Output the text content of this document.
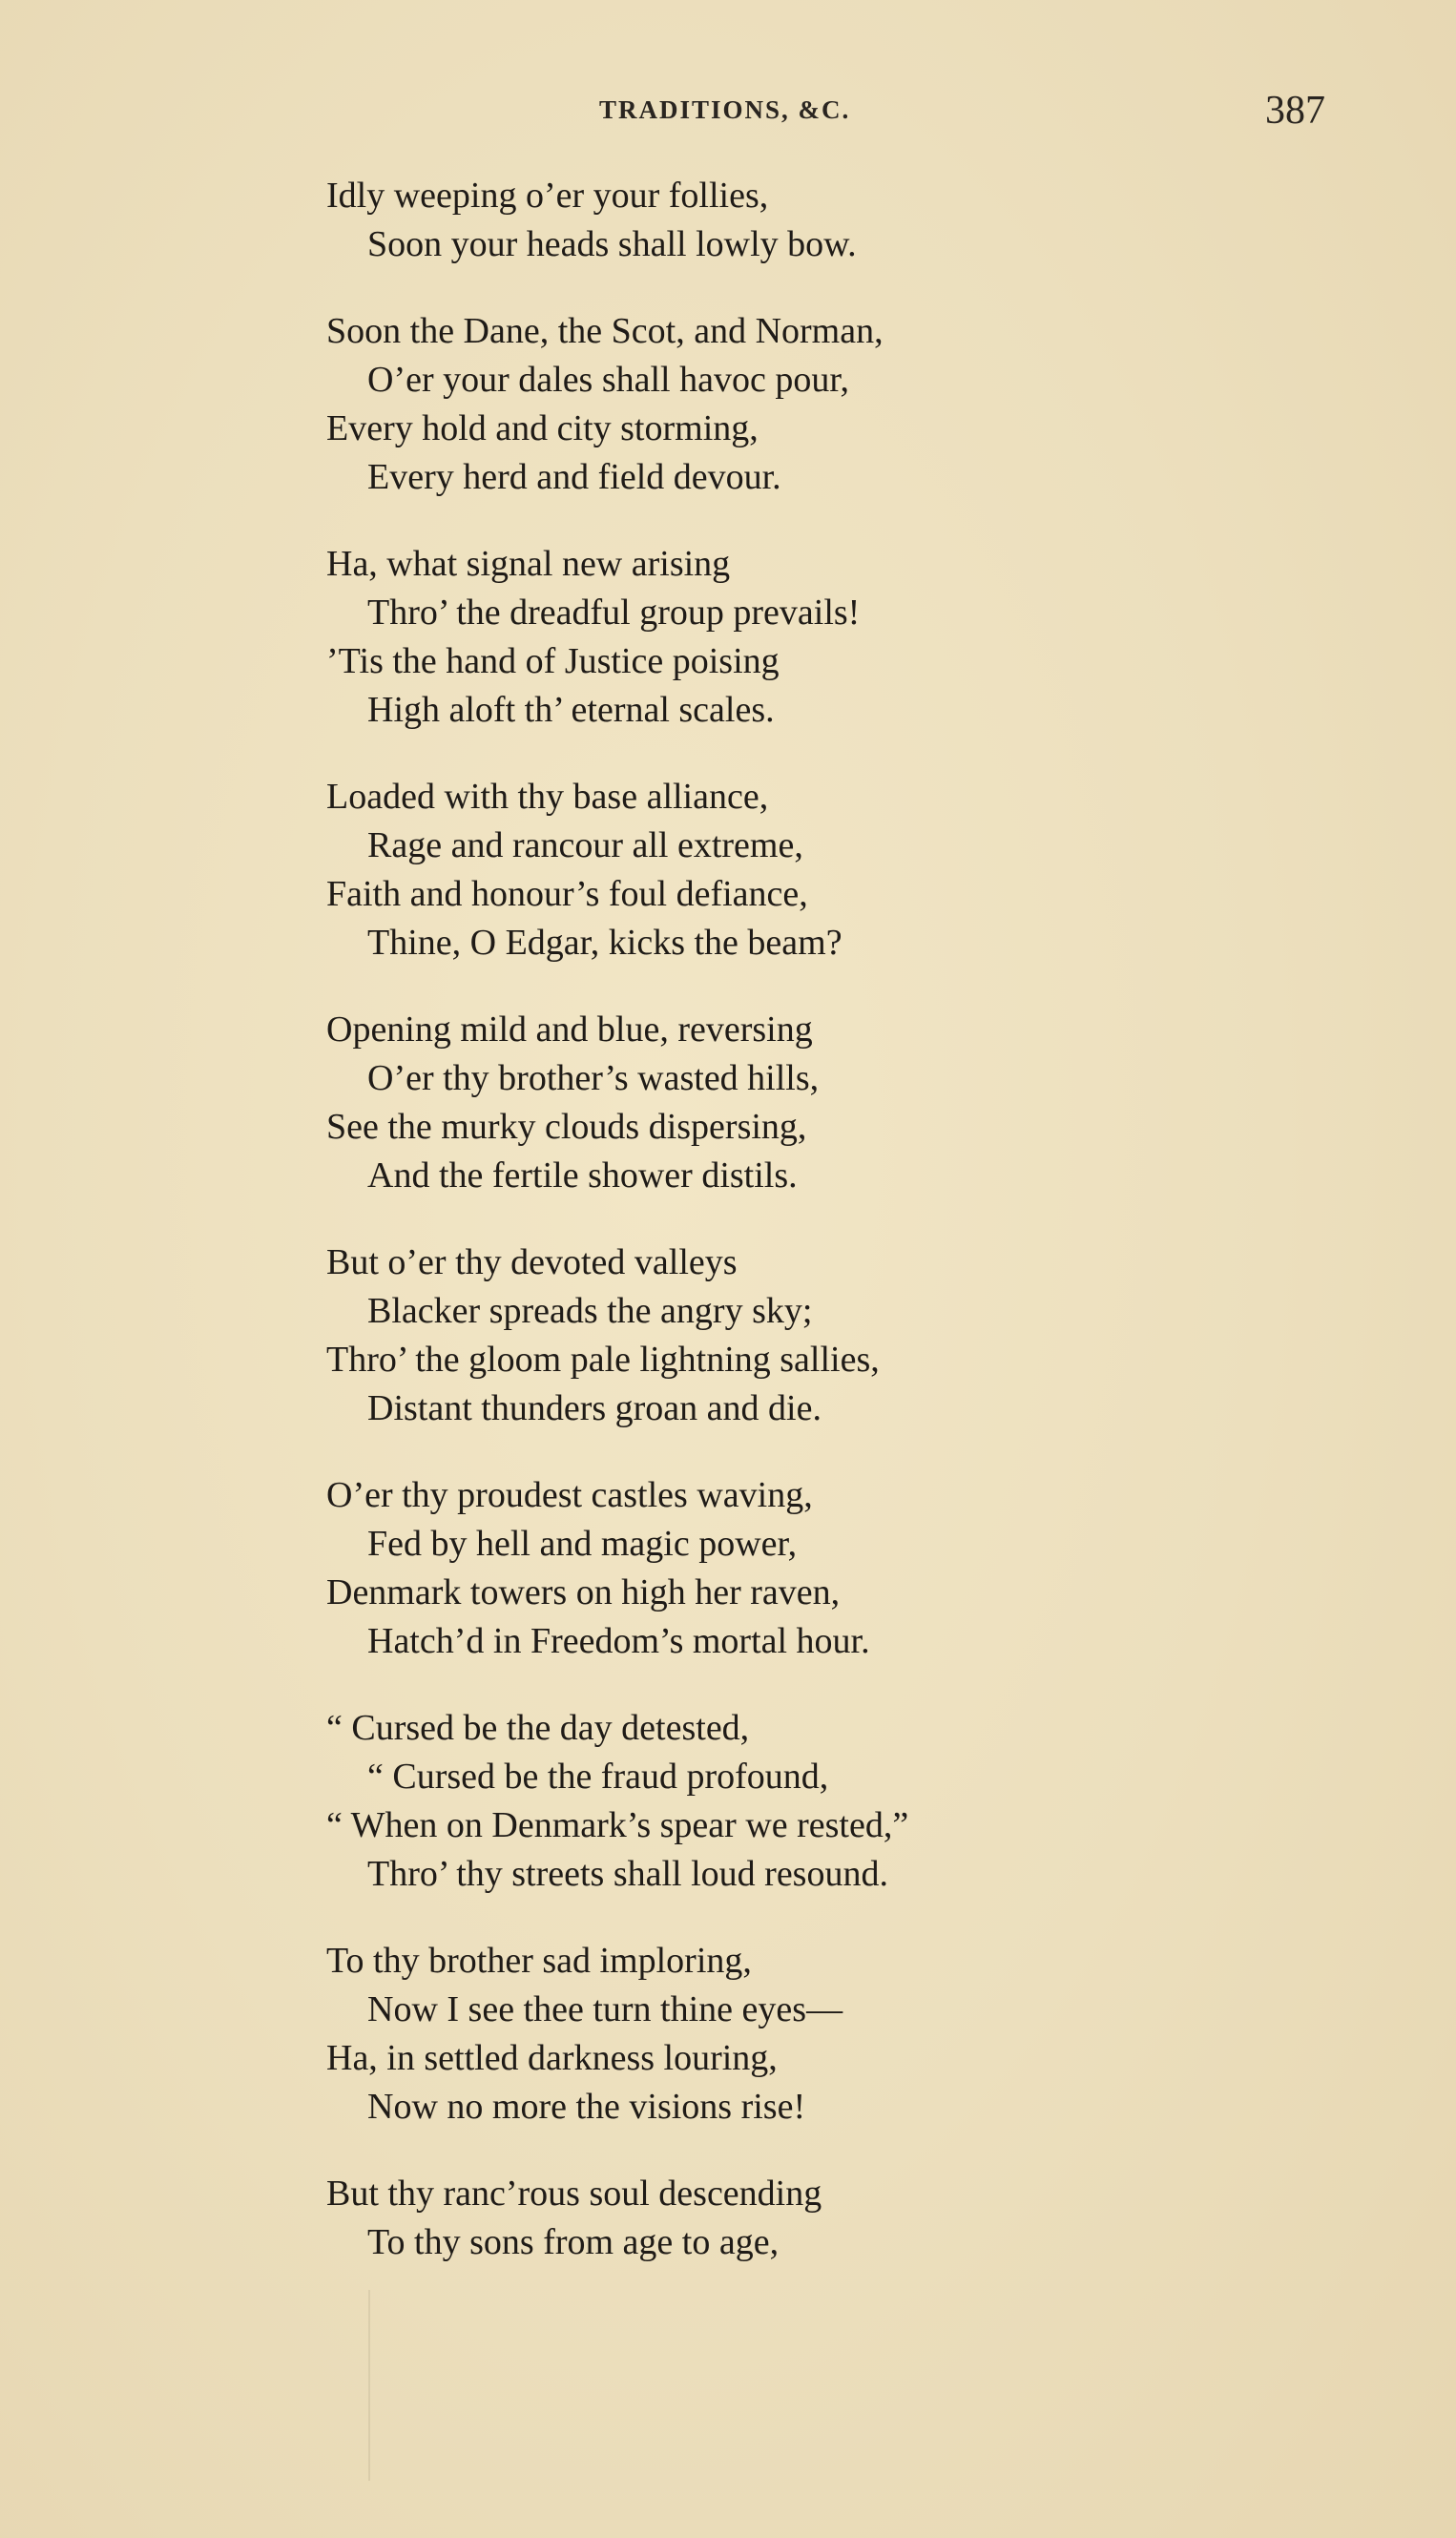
TRADITIONS, &C.	387
Idly weeping o’er your follies,
Soon your heads shall lowly bow.
Soon the Dane, the Scot, and Norman,
O’er your dales shall havoc pour,
Every hold and city storming,
Every herd and field devour.
Ha, what signal new arising
Thro’ the dreadful group prevails!
’Tis the hand of Justice poising
High aloft th’ eternal scales.
Loaded with thy base alliance,
Rage and rancour all extreme,
Faith and honour’s foul defiance,
Thine, O Edgar, kicks the beam?
Opening mild and blue, reversing
O’er thy brother’s wasted hills,
See the murky clouds dispersing,
And the fertile shower distils.
But o’er thy devoted valleys
Blacker spreads the angry sky;
Thro’ the gloom pale lightning sallies,
Distant thunders groan and die.
O’er thy proudest castles waving,
Fed by hell and magic power,
Denmark towers on high her raven,
Hatch’d in Freedom’s mortal hour.
“ Cursed be the day detested,
“ Cursed be the fraud profound,
“ When on Denmark’s spear we rested,”
Thro’ thy streets shall loud resound.
To thy brother sad imploring,
Now I see thee turn thine eyes—
Ha, in settled darkness louring,
Now no more the visions rise!
But thy ranc’rous soul descending
To thy sons from age to age,
